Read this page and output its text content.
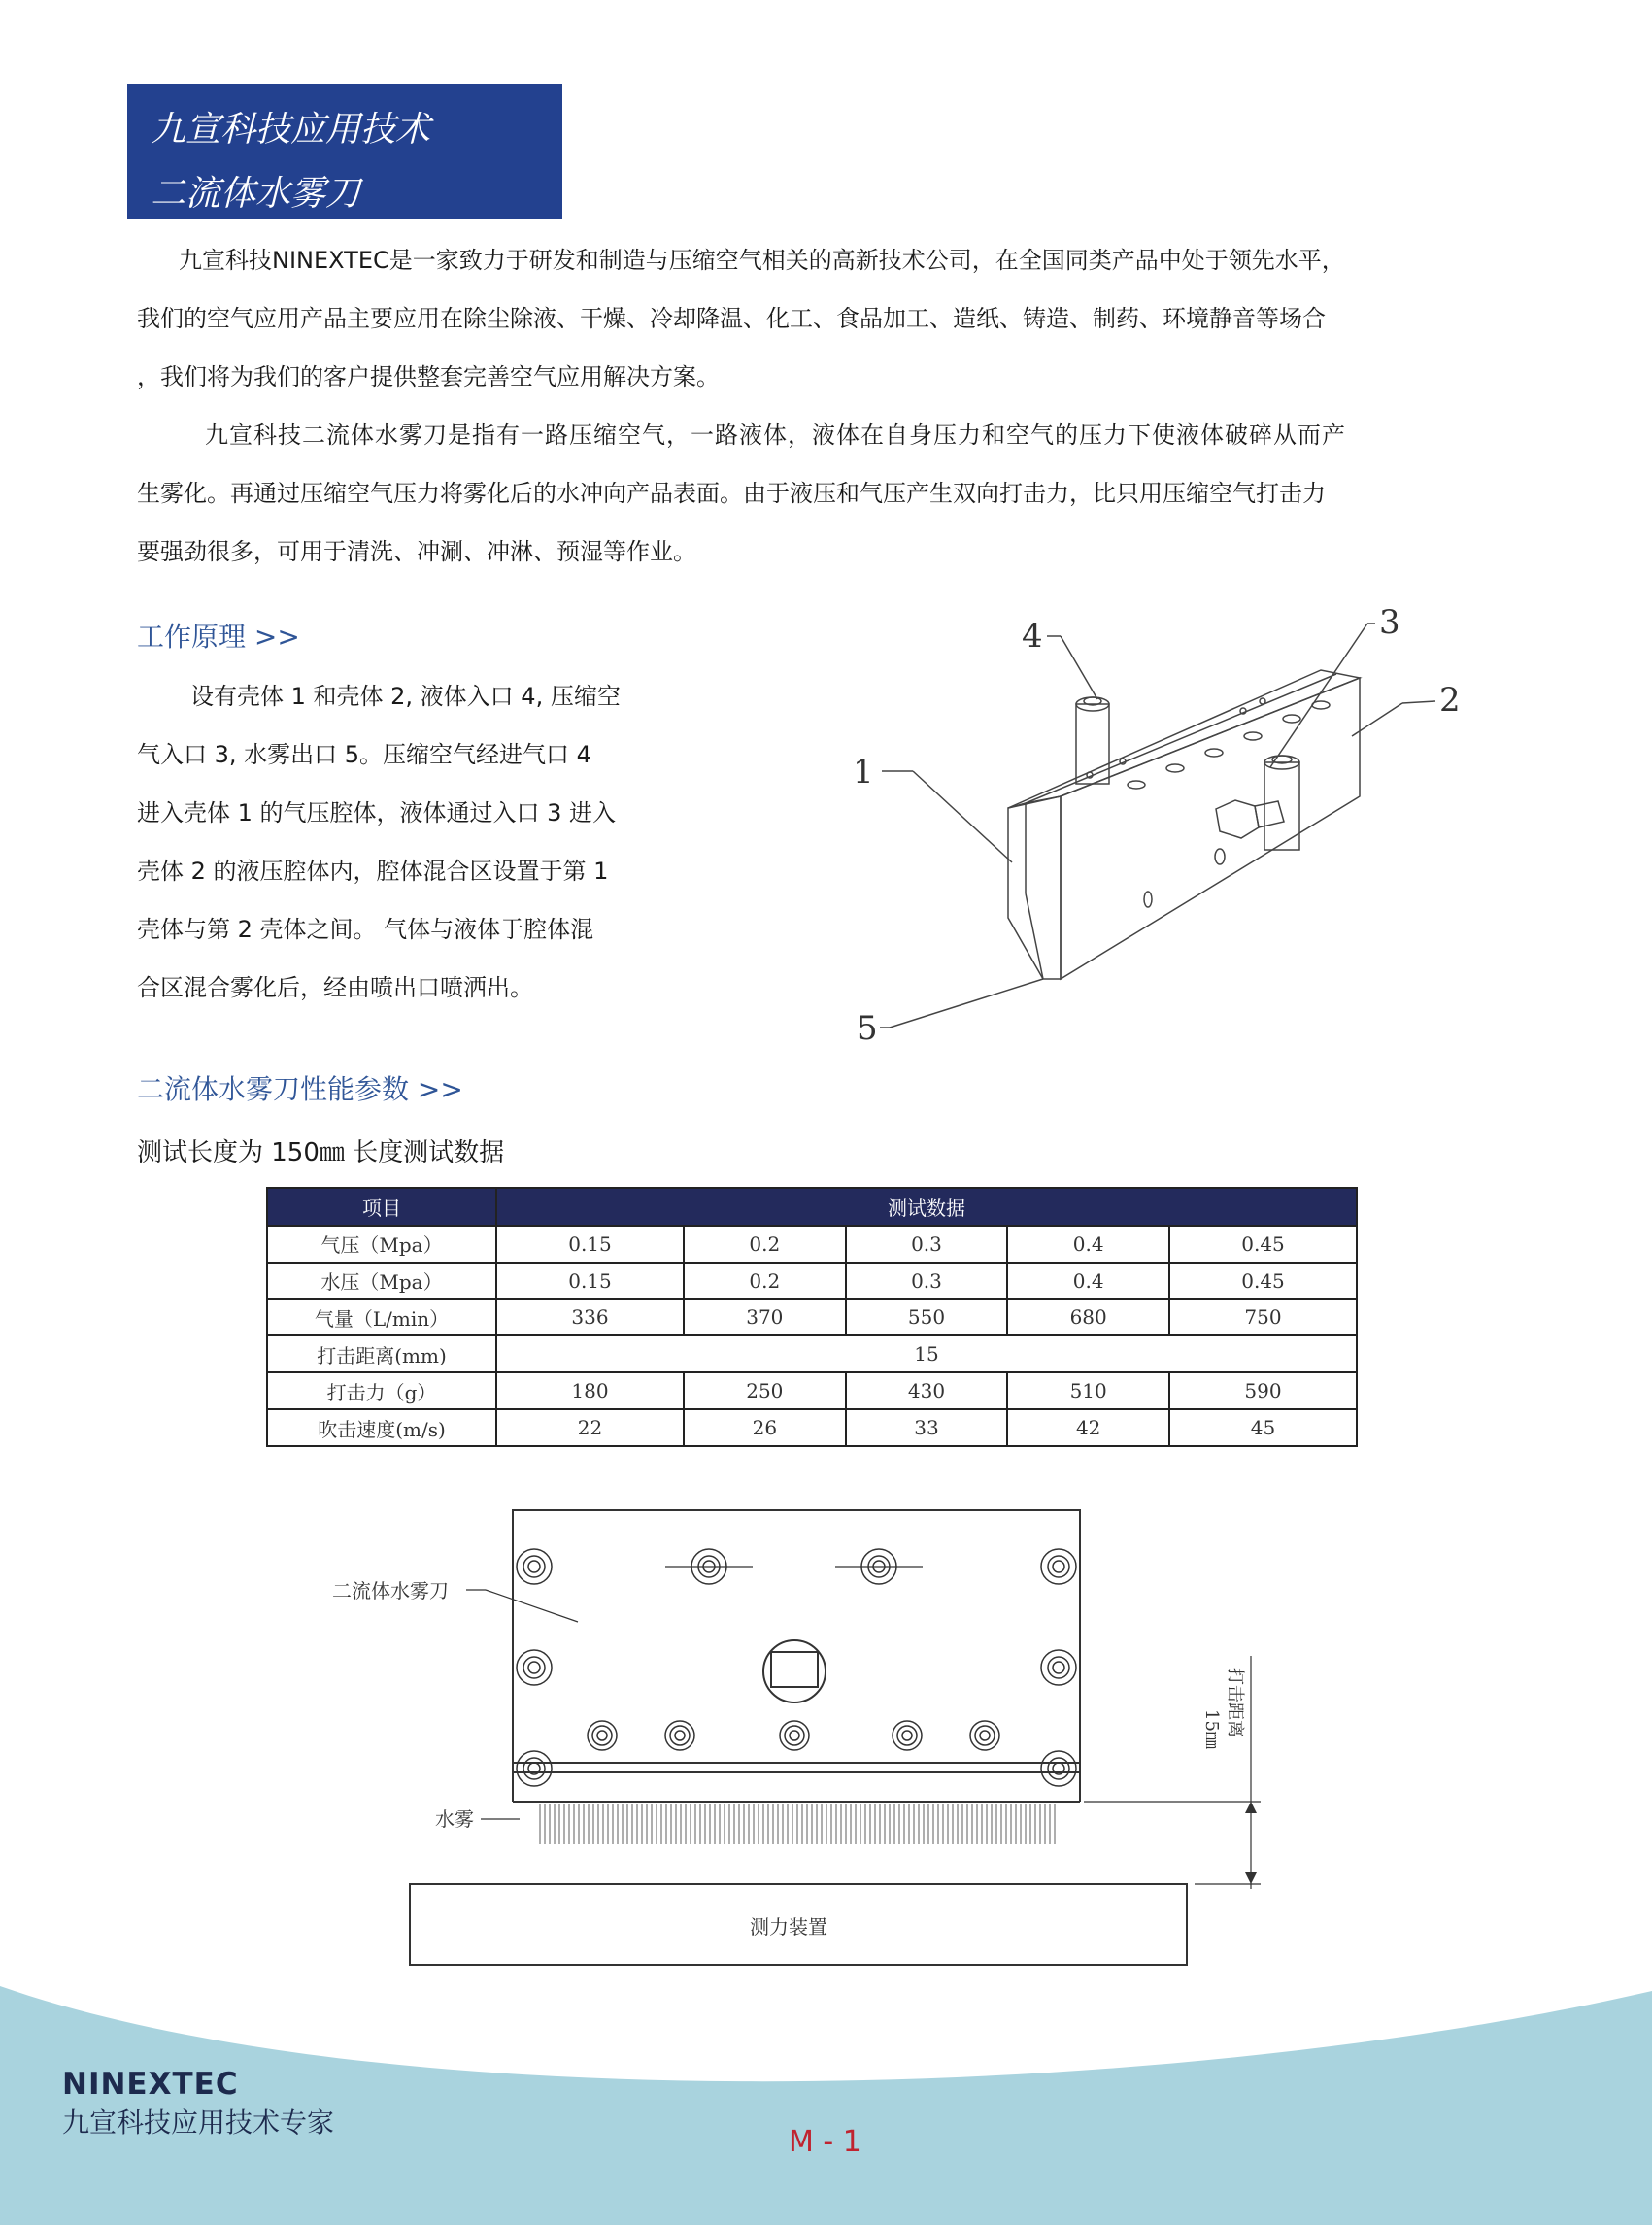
九宣科技应用技术
二流体水雾刀
九宣科技NINEXTEC是一家致力于研发和制造与压缩空气相关的高新技术公司，在全国同类产品中处于领先水平，
我们的空气应用产品主要应用在除尘除液、干燥、冷却降温、化工、食品加工、造纸、铸造、制药、环境静音等场合
，我们将为我们的客户提供整套完善空气应用解决方案。
九宣科技二流体水雾刀是指有一路压缩空气，一路液体，液体在自身压力和空气的压力下使液体破碎从而产
生雾化。再通过压缩空气压力将雾化后的水冲向产品表面。由于液压和气压产生双向打击力，比只用压缩空气打击力
要强劲很多，可用于清洗、冲涮、冲淋、预湿等作业。
工作原理 >>
设有壳体 1 和壳体 2, 液体入口 4, 压缩空
气入口 3, 水雾出口 5。压缩空气经进气口 4
进入壳体 1 的气压腔体，液体通过入口 3 进入
壳体 2 的液压腔体内，腔体混合区设置于第 1
壳体与第 2 壳体之间。 气体与液体于腔体混
合区混合雾化后，经由喷出口喷洒出。
1
2
3
4
5
二流体水雾刀性能参数 >>
测试长度为 150㎜ 长度测试数据
项目	测试数据				
气压（Mpa）	0.15	0.2	0.3	0.4	0.45
水压（Mpa）	0.15	0.2	0.3	0.4	0.45
气量（L/min）	336	370	550	680	750
打击距离(mm)	15				
打击力（g）	180	250	430	510	590
吹击速度(m/s)	22	26	33	42	45
二流体水雾刀
水雾
测力装置
15㎜ 打击距离
NINEXTEC
九宣科技应用技术专家
M - 1
